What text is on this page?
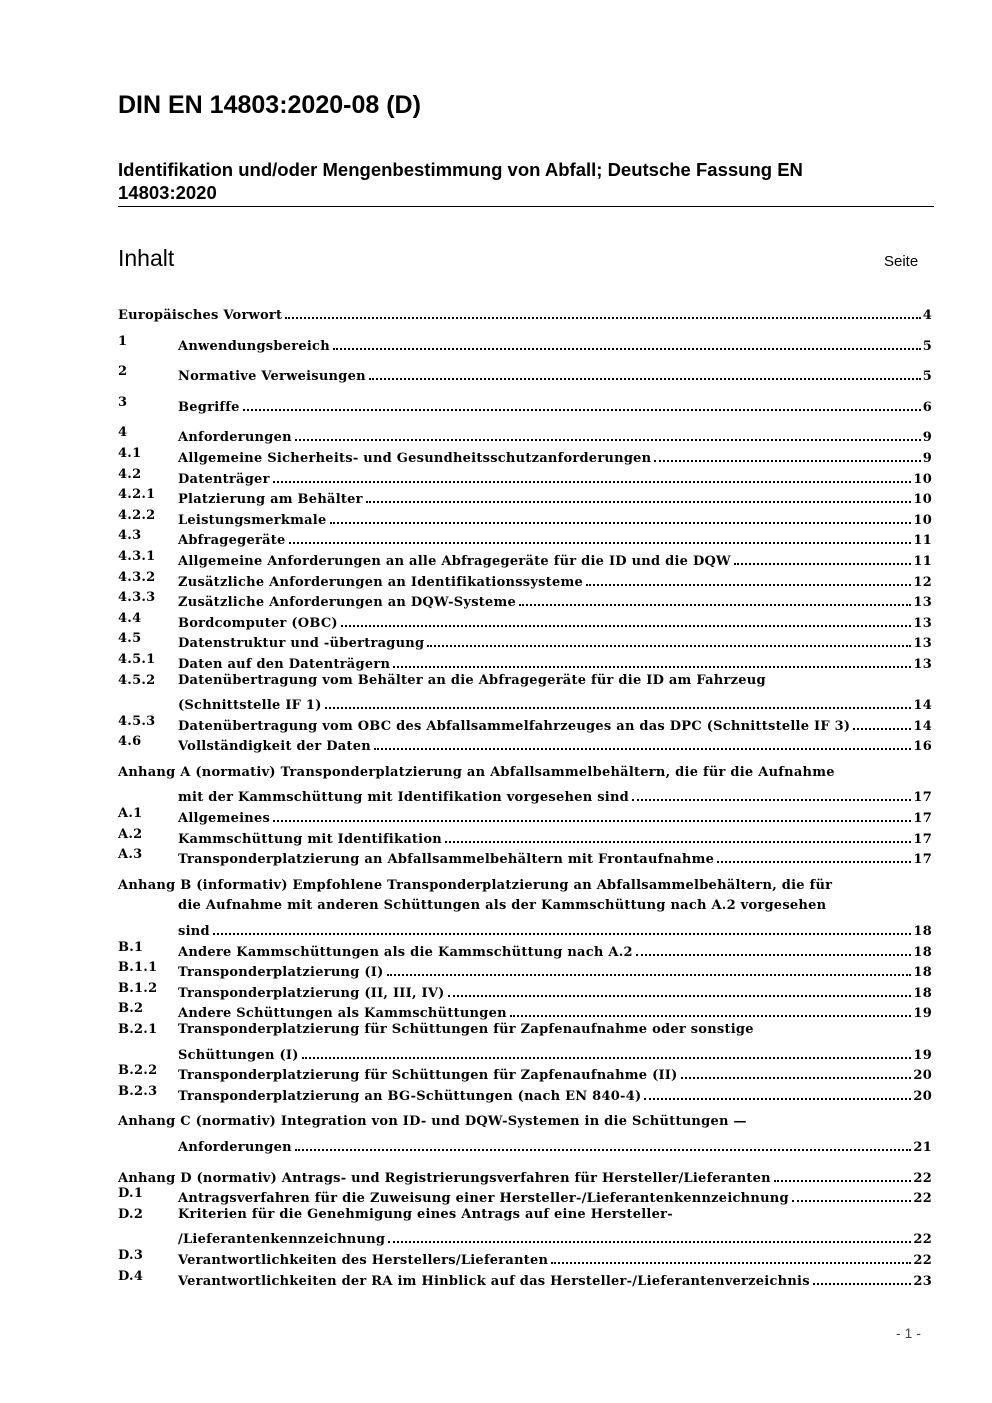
DIN EN 14803:2020-08 (D)
Identifikation und/oder Mengenbestimmung von Abfall; Deutsche Fassung EN 14803:2020
Inhalt	Seite
Europäisches Vorwort	4
1	Anwendungsbereich	5
2	Normative Verweisungen	5
3	Begriffe	6
4	Anforderungen	9
4.1	Allgemeine Sicherheits- und Gesundheitsschutzanforderungen	9
4.2	Datenträger	10
4.2.1 Platzierung am Behälter	10
4.2.2 Leistungsmerkmale	10
4.3	Abfragegeräte	11
4.3.1 Allgemeine Anforderungen an alle Abfragegeräte für die ID und die DQW	11
4.3.2 Zusätzliche Anforderungen an Identifikationssysteme	12
4.3.3 Zusätzliche Anforderungen an DQW-Systeme	13
4.4	Bordcomputer (OBC)	13
4.5	Datenstruktur und -übertragung	13
4.5.1 Daten auf den Datenträgern	13
4.5.2 Datenübertragung vom Behälter an die Abfragegeräte für die ID am Fahrzeug
(Schnittstelle IF 1)	14
4.5.3 Datenübertragung vom OBC des Abfallsammelfahrzeuges an das DPC (Schnittstelle IF 3)	14
4.6	Vollständigkeit der Daten	16
Anhang A (normativ) Transponderplatzierung an Abfallsammelbehältern, die für die Aufnahme
mit der Kammschüttung mit Identifikation vorgesehen sind	17
A.1	Allgemeines	17
A.2	Kammschüttung mit Identifikation	17
A.3	Transponderplatzierung an Abfallsammelbehältern mit Frontaufnahme	17
Anhang B (informativ) Empfohlene Transponderplatzierung an Abfallsammelbehältern, die für
die Aufnahme mit anderen Schüttungen als der Kammschüttung nach A.2 vorgesehen
sind	18
B.1	Andere Kammschüttungen als die Kammschüttung nach A.2	18
B.1.1 Transponderplatzierung (I)	18
B.1.2 Transponderplatzierung (II, III, IV)	18
B.2	Andere Schüttungen als Kammschüttungen	19
B.2.1 Transponderplatzierung für Schüttungen für Zapfenaufnahme oder sonstige
Schüttungen (I)	19
B.2.2 Transponderplatzierung für Schüttungen für Zapfenaufnahme (II)	20
B.2.3 Transponderplatzierung an BG-Schüttungen (nach EN 840-4)	20
Anhang C (normativ) Integration von ID- und DQW-Systemen in die Schüttungen —
Anforderungen	21
Anhang D (normativ) Antrags- und Registrierungsverfahren für Hersteller/Lieferanten	22
D.1	Antragsverfahren für die Zuweisung einer Hersteller-/Lieferantenkennzeichnung	22
D.2	Kriterien für die Genehmigung eines Antrags auf eine Hersteller-
/Lieferantenkennzeichnung	22
D.3	Verantwortlichkeiten des Herstellers/Lieferanten	22
D.4	Verantwortlichkeiten der RA im Hinblick auf das Hersteller-/Lieferantenverzeichnis	23
- 1 -
